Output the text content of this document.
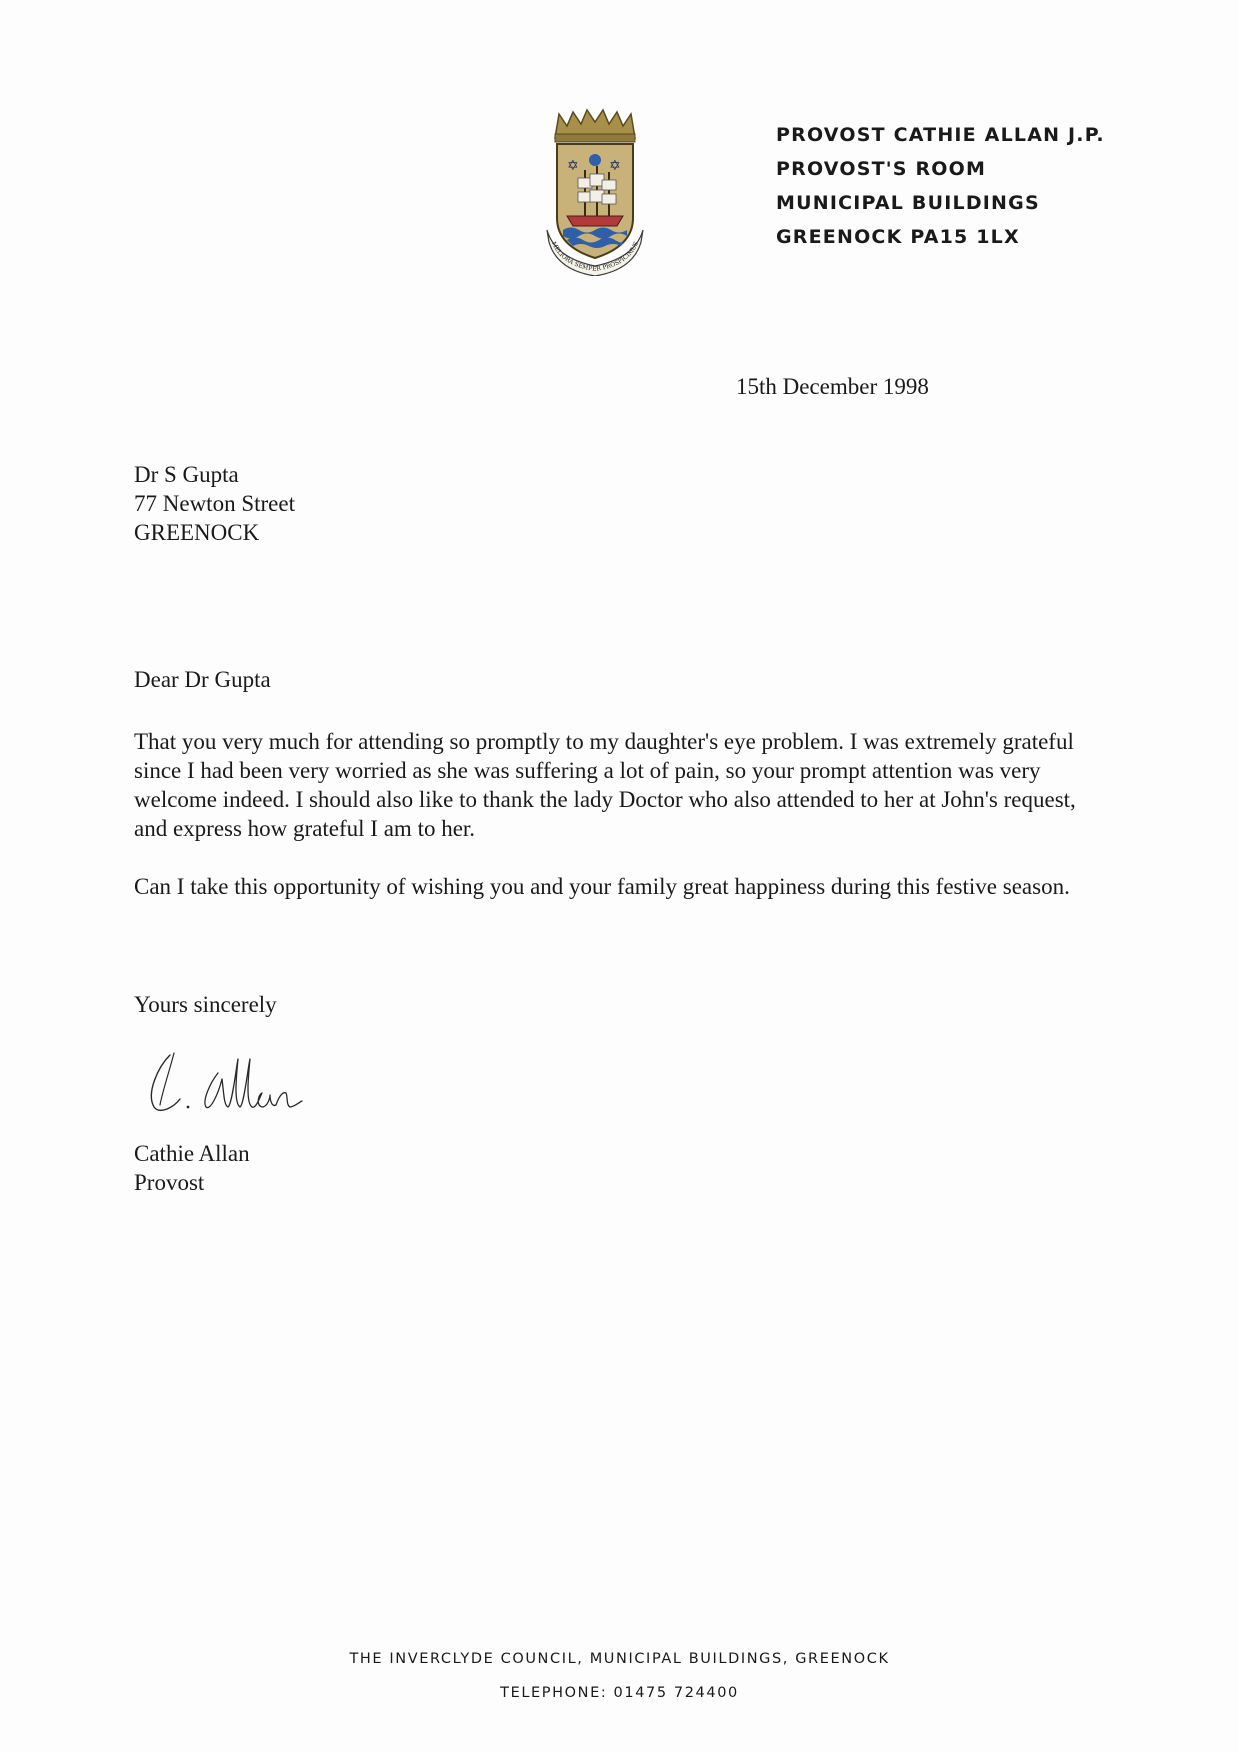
✡ ✡
MELIORA SEMPER PROSPICIMUS
PROVOST CATHIE ALLAN J.P.
PROVOST'S ROOM
MUNICIPAL BUILDINGS
GREENOCK PA15 1LX
15th December 1998
Dr S Gupta
77 Newton Street
GREENOCK
Dear Dr Gupta

That you very much for attending so promptly to my daughter's eye problem. I was extremely grateful since I had been very worried as she was suffering a lot of pain, so your prompt attention was very welcome indeed. I should also like to thank the lady Doctor who also attended to her at John's request, and express how grateful I am to her.

Can I take this opportunity of wishing you and your family great happiness during this festive season.

Yours sincerely
Cathie Allan
Provost
THE INVERCLYDE COUNCIL, MUNICIPAL BUILDINGS, GREENOCK
TELEPHONE: 01475 724400
